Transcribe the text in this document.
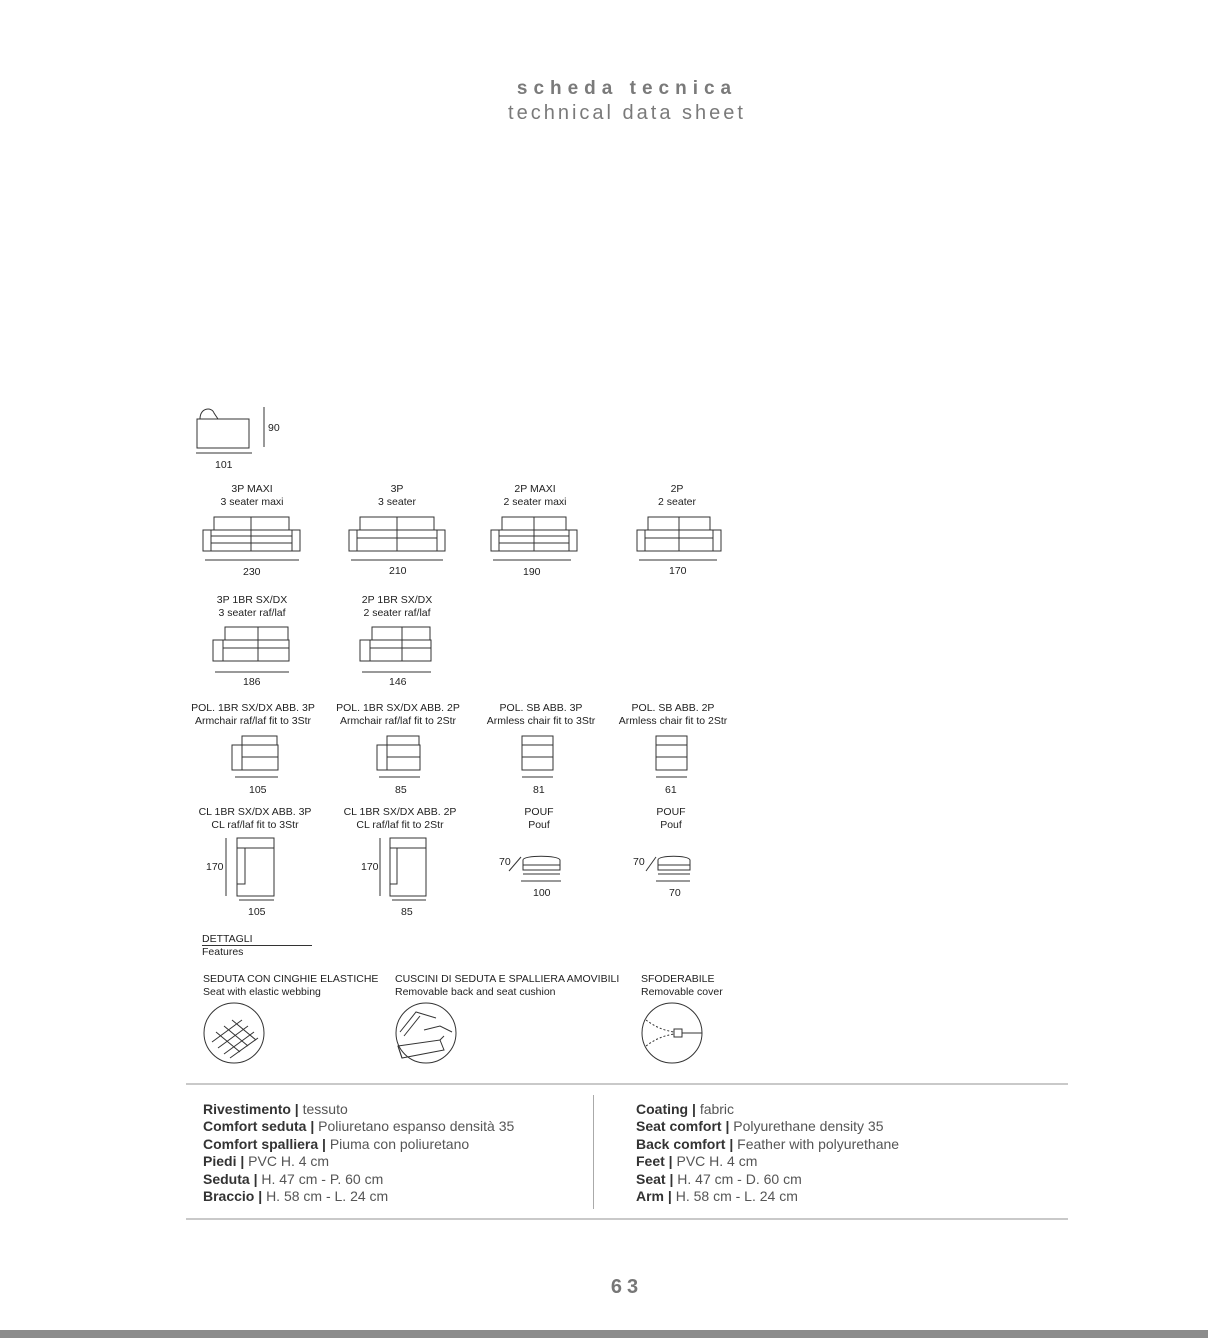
scheda tecnica
technical data sheet
90
101
3P MAXI
3 seater maxi
230
3P
3 seater
210
2P MAXI
2 seater maxi
190
2P
2 seater
170
3P 1BR SX/DX
3 seater raf/laf
186
2P 1BR SX/DX
2 seater raf/laf
146
POL. 1BR SX/DX ABB. 3P
Armchair raf/laf fit to 3Str
105
POL. 1BR SX/DX ABB. 2P
Armchair raf/laf fit to 2Str
85
POL. SB ABB. 3P
Armless chair fit to 3Str
81
POL. SB ABB. 2P
Armless chair fit to 2Str
61
CL 1BR SX/DX ABB. 3P
CL raf/laf fit to 3Str
170
105
CL 1BR SX/DX ABB. 2P
CL raf/laf fit to 2Str
170
85
POUF
Pouf
70
100
POUF
Pouf
70
70
DETTAGLI
Features
SEDUTA CON CINGHIE ELASTICHE
Seat with elastic webbing
CUSCINI DI SEDUTA E SPALLIERA AMOVIBILI
Removable back and seat cushion
SFODERABILE
Removable cover
Rivestimento | tessuto
Comfort seduta | Poliuretano espanso densità 35
Comfort spalliera | Piuma con poliuretano
Piedi | PVC H. 4 cm
Seduta | H. 47 cm - P. 60 cm
Braccio | H. 58 cm - L. 24 cm
Coating | fabric
Seat comfort | Polyurethane density 35
Back comfort | Feather with polyurethane
Feet | PVC H. 4 cm
Seat | H. 47 cm - D. 60 cm
Arm | H. 58 cm - L. 24 cm
63
